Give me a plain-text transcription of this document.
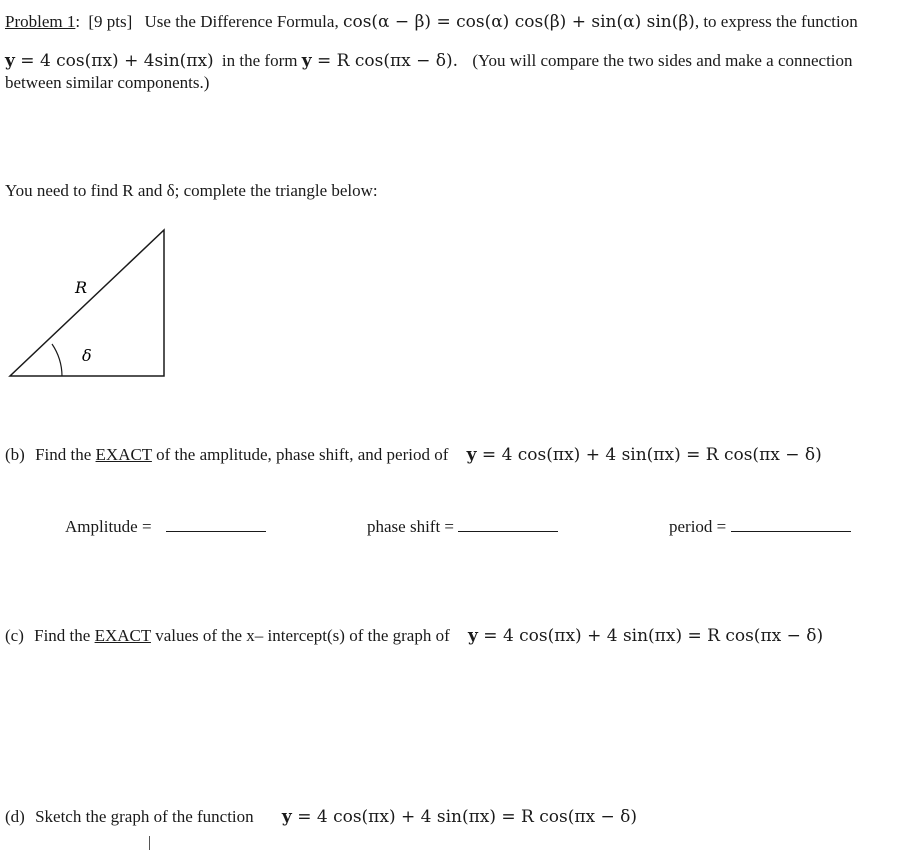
Problem 1: [9 pts] Use the Difference Formula, cos(α − β) = cos(α) cos(β) + sin(α) sin(β), to express the function
y = 4 cos(πx) + 4sin(πx) in the form y = R cos(πx − δ). (You will compare the two sides and make a connection
between similar components.)
You need to find R and δ; complete the triangle below:
R
δ
(b) Find the EXACT of the amplitude, phase shift, and period of y = 4 cos(πx) + 4 sin(πx) = R cos(πx − δ)
Amplitude =	phase shift =	period =
(c) Find the EXACT values of the x– intercept(s) of the graph of y = 4 cos(πx) + 4 sin(πx) = R cos(πx − δ)
(d) Sketch the graph of the function y = 4 cos(πx) + 4 sin(πx) = R cos(πx − δ)
